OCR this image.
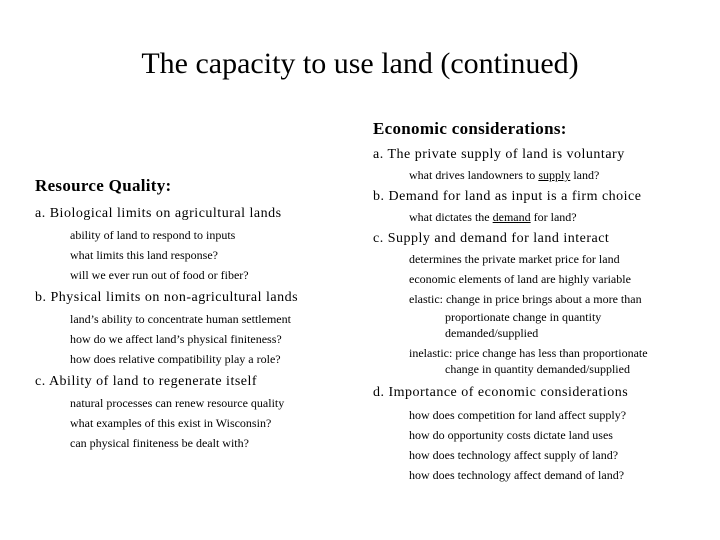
The capacity to use land (continued)
Resource Quality:
a. Biological limits on agricultural lands
ability of land to respond to inputs
what limits this land response?
will we ever run out of food or fiber?
b. Physical limits on non-agricultural lands
land’s ability to concentrate human settlement
how do we affect land’s physical finiteness?
how does relative compatibility play a role?
c. Ability of land to regenerate itself
natural processes can renew resource quality
what examples of this exist in Wisconsin?
can physical finiteness be dealt with?
Economic considerations:
a. The private supply of land is voluntary
what drives landowners to supply land?
b. Demand for land as input is a firm choice
what dictates the demand for land?
c. Supply and demand for land interact
determines the private market price for land
economic elements of land are highly variable
elastic: change in price brings about a more than
proportionate change in quantity
demanded/supplied
inelastic: price change has less than proportionate
change in quantity demanded/supplied
d. Importance of economic considerations
how does competition for land affect supply?
how do opportunity costs dictate land uses
how does technology affect supply of land?
how does technology affect demand of land?
